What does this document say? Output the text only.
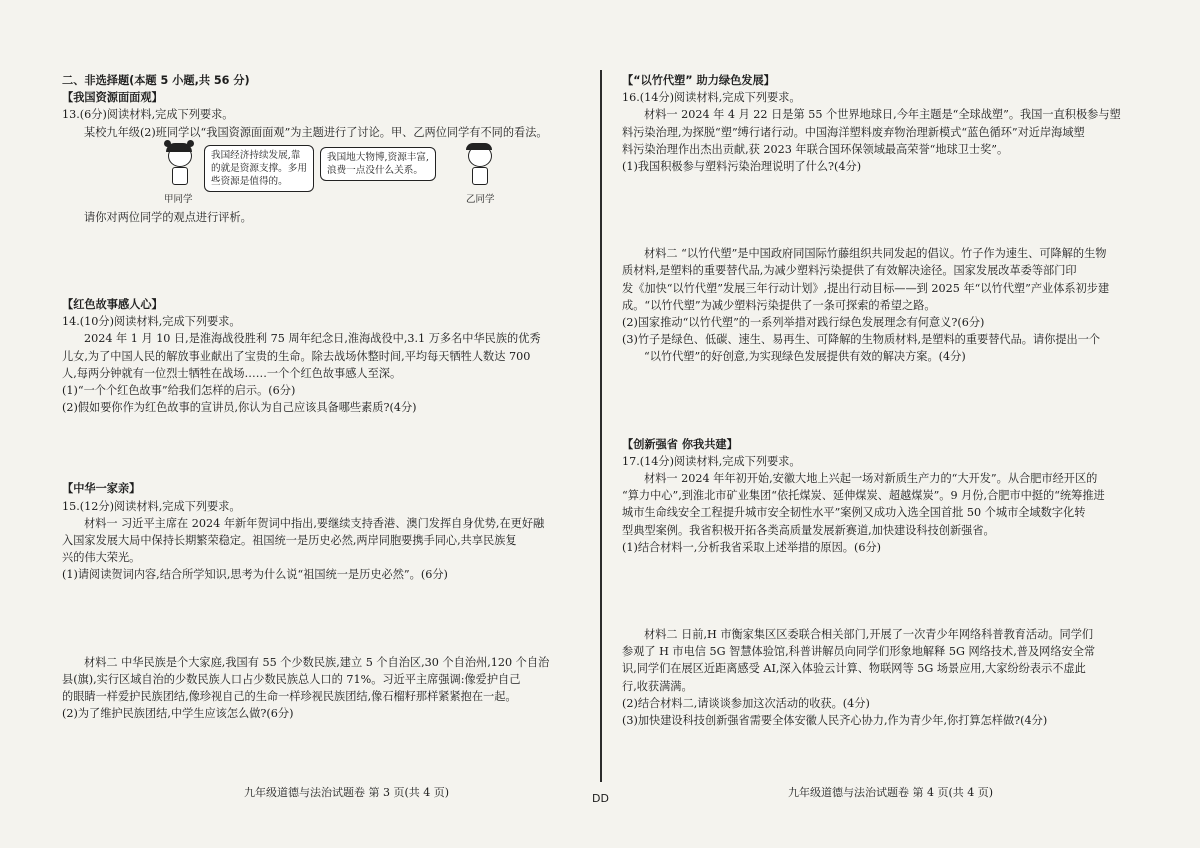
二、非选择题(本题 5 小题,共 56 分)
【我国资源面面观】
13.(6分)阅读材料,完成下列要求。
某校九年级(2)班同学以“我国资源面面观”为主题进行了讨论。甲、乙两位同学有不同的看法。
甲同学
我国经济持续发展,靠
的就是资源支撑。多用
些资源是值得的。
我国地大物博,资源丰富,
浪费一点没什么关系。
乙同学
请你对两位同学的观点进行评析。
【红色故事感人心】
14.(10分)阅读材料,完成下列要求。
2024 年 1 月 10 日,是淮海战役胜利 75 周年纪念日,淮海战役中,3.1 万多名中华民族的优秀
儿女,为了中国人民的解放事业献出了宝贵的生命。除去战场休整时间,平均每天牺牲人数达 700
人,每两分钟就有一位烈士牺牲在战场……一个个红色故事感人至深。
(1)“一个个红色故事”给我们怎样的启示。(6分)
(2)假如要你作为红色故事的宣讲员,你认为自己应该具备哪些素质?(4分)
【中华一家亲】
15.(12分)阅读材料,完成下列要求。
材料一 习近平主席在 2024 年新年贺词中指出,要继续支持香港、澳门发挥自身优势,在更好融
入国家发展大局中保持长期繁荣稳定。祖国统一是历史必然,两岸同胞要携手同心,共享民族复
兴的伟大荣光。
(1)请阅读贺词内容,结合所学知识,思考为什么说“祖国统一是历史必然”。(6分)
材料二 中华民族是个大家庭,我国有 55 个少数民族,建立 5 个自治区,30 个自治州,120 个自治
县(旗),实行区域自治的少数民族人口占少数民族总人口的 71%。习近平主席强调:像爱护自己
的眼睛一样爱护民族团结,像珍视自己的生命一样珍视民族团结,像石榴籽那样紧紧抱在一起。
(2)为了维护民族团结,中学生应该怎么做?(6分)
【“以竹代塑” 助力绿色发展】
16.(14分)阅读材料,完成下列要求。
材料一 2024 年 4 月 22 日是第 55 个世界地球日,今年主题是“全球战塑”。我国一直积极参与塑
料污染治理,为探脱“塑”缚行诸行动。中国海洋塑料废弃物治理新模式“蓝色循环”对近岸海域塑
料污染治理作出杰出贡献,获 2023 年联合国环保领域最高荣誉“地球卫士奖”。
(1)我国积极参与塑料污染治理说明了什么?(4分)
材料二 “以竹代塑”是中国政府同国际竹藤组织共同发起的倡议。竹子作为速生、可降解的生物
质材料,是塑料的重要替代品,为减少塑料污染提供了有效解决途径。国家发展改革委等部门印
发《加快“以竹代塑”发展三年行动计划》,提出行动目标——到 2025 年“以竹代塑”产业体系初步建
成。“以竹代塑”为减少塑料污染提供了一条可探索的希望之路。
(2)国家推动“以竹代塑”的一系列举措对践行绿色发展理念有何意义?(6分)
(3)竹子是绿色、低碳、速生、易再生、可降解的生物质材料,是塑料的重要替代品。请你提出一个
“以竹代塑”的好创意,为实现绿色发展提供有效的解决方案。(4分)
【创新强省 你我共建】
17.(14分)阅读材料,完成下列要求。
材料一 2024 年年初开始,安徽大地上兴起一场对新质生产力的“大开发”。从合肥市经开区的
“算力中心”,到淮北市矿业集团“依托煤炭、延伸煤炭、超越煤炭”。9 月份,合肥市中挺的“统筹推进
城市生命线安全工程提升城市安全韧性水平”案例又成功入选全国首批 50 个城市全域数字化转
型典型案例。我省积极开拓各类高质量发展新赛道,加快建设科技创新强省。
(1)结合材料一,分析我省采取上述举措的原因。(6分)
材料二 日前,H 市衡家集区区委联合相关部门,开展了一次青少年网络科普教育活动。同学们
参观了 H 市电信 5G 智慧体验馆,科普讲解员向同学们形象地解释 5G 网络技术,普及网络安全常
识,同学们在展区近距离感受 AI,深入体验云计算、物联网等 5G 场景应用,大家纷纷表示不虚此
行,收获满满。
(2)结合材料二,请谈谈参加这次活动的收获。(4分)
(3)加快建设科技创新强省需要全体安徽人民齐心协力,作为青少年,你打算怎样做?(4分)
九年级道德与法治试题卷 第 3 页(共 4 页)	DD	九年级道德与法治试题卷 第 4 页(共 4 页)
